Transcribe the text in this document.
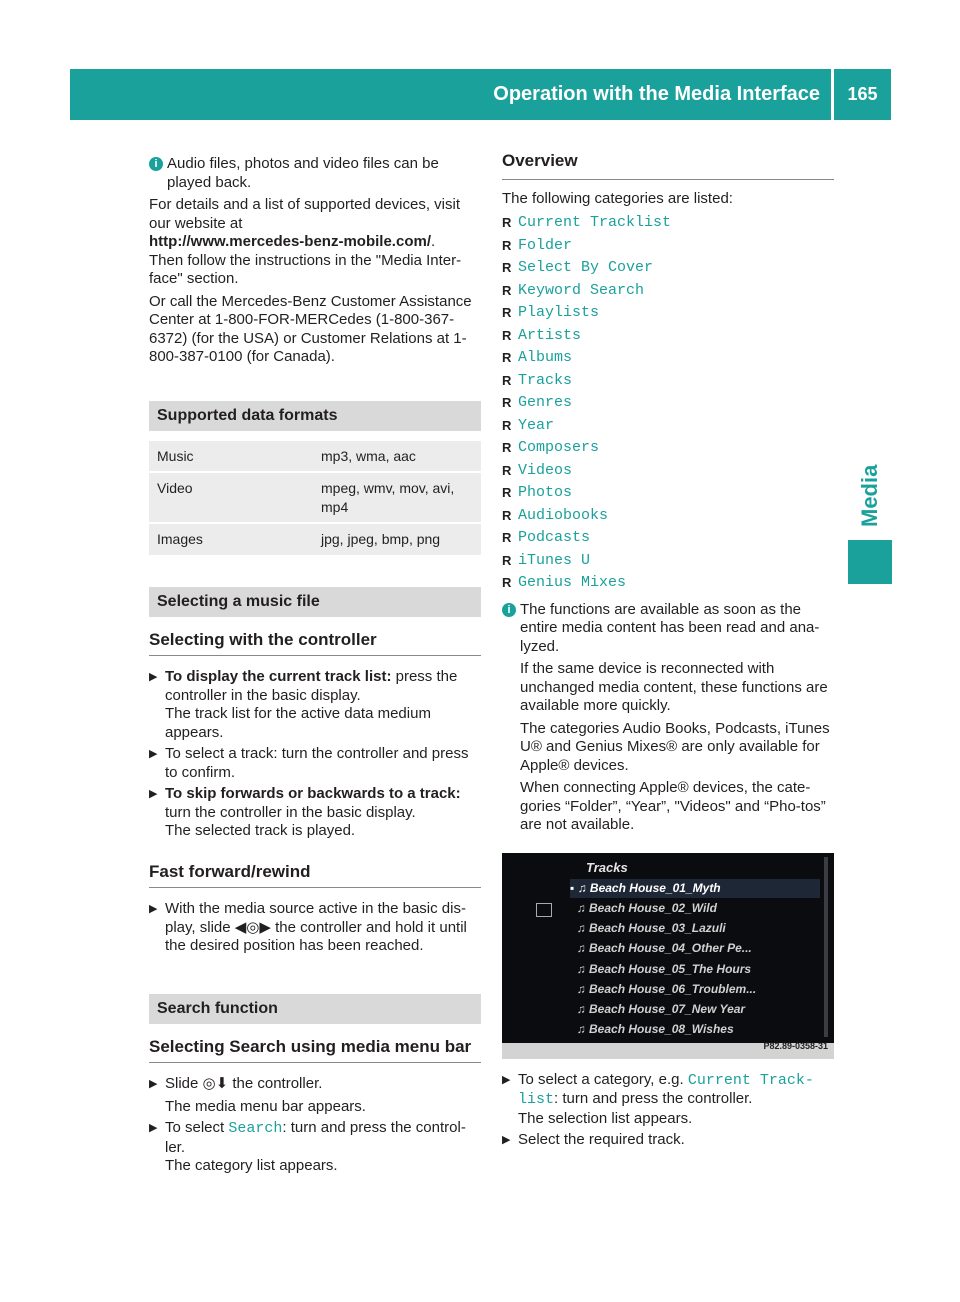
Operation with the Media Interface	165
Media
i Audio files, photos and video files can be played back.

For details and a list of supported devices, visit our website at
http://www.mercedes-benz-mobile.com/.

Then follow the instructions in the "Media Inter-face" section.

Or call the Mercedes-Benz Customer Assistance Center at 1-800-FOR-MERCedes (1-800-367-6372) (for the USA) or Customer Relations at 1-800-387-0100 (for Canada).

Supported data formats
Music	mp3, wma, aac
Video	mpeg, wmv, mov, avi, mp4
Images	jpg, jpeg, bmp, png
Selecting a music file
Selecting with the controller
▶ To display the current track list: press the controller in the basic display.
The track list for the active data medium appears.
▶ To select a track: turn the controller and press to confirm.
▶ To skip forwards or backwards to a track: turn the controller in the basic display.
The selected track is played.
Fast forward/rewind
▶ With the media source active in the basic dis-play, slide ◀◎▶ the controller and hold it until the desired position has been reached.
Search function
Selecting Search using media menu bar
▶ Slide ◎⬇ the controller.
The media menu bar appears.
▶ To select Search: turn and press the control-ler.
The category list appears.
Overview

The following categories are listed:

R Current Tracklist
R Folder
R Select By Cover
R Keyword Search
R Playlists
R Artists
R Albums
R Tracks
R Genres
R Year
R Composers
R Videos
R Photos
R Audiobooks
R Podcasts
R iTunes U
R Genius Mixes
i The functions are available as soon as the entire media content has been read and ana-lyzed.

If the same device is reconnected with unchanged media content, these functions are available more quickly.

The categories Audio Books, Podcasts, iTunes U® and Genius Mixes® are only available for Apple® devices.

When connecting Apple® devices, the cate-gories “Folder”, “Year”, "Videos" and “Pho-tos” are not available.

Tracks
▪ ♫ Beach House_01_Myth
♫ Beach House_02_Wild
♫ Beach House_03_Lazuli
♫ Beach House_04_Other Pe...
♫ Beach House_05_The Hours
♫ Beach House_06_Troublem...
♫ Beach House_07_New Year
♫ Beach House_08_Wishes
P82.89-0358-31
▶ To select a category, e.g. Current Track-list: turn and press the controller.
The selection list appears.
▶ Select the required track.
